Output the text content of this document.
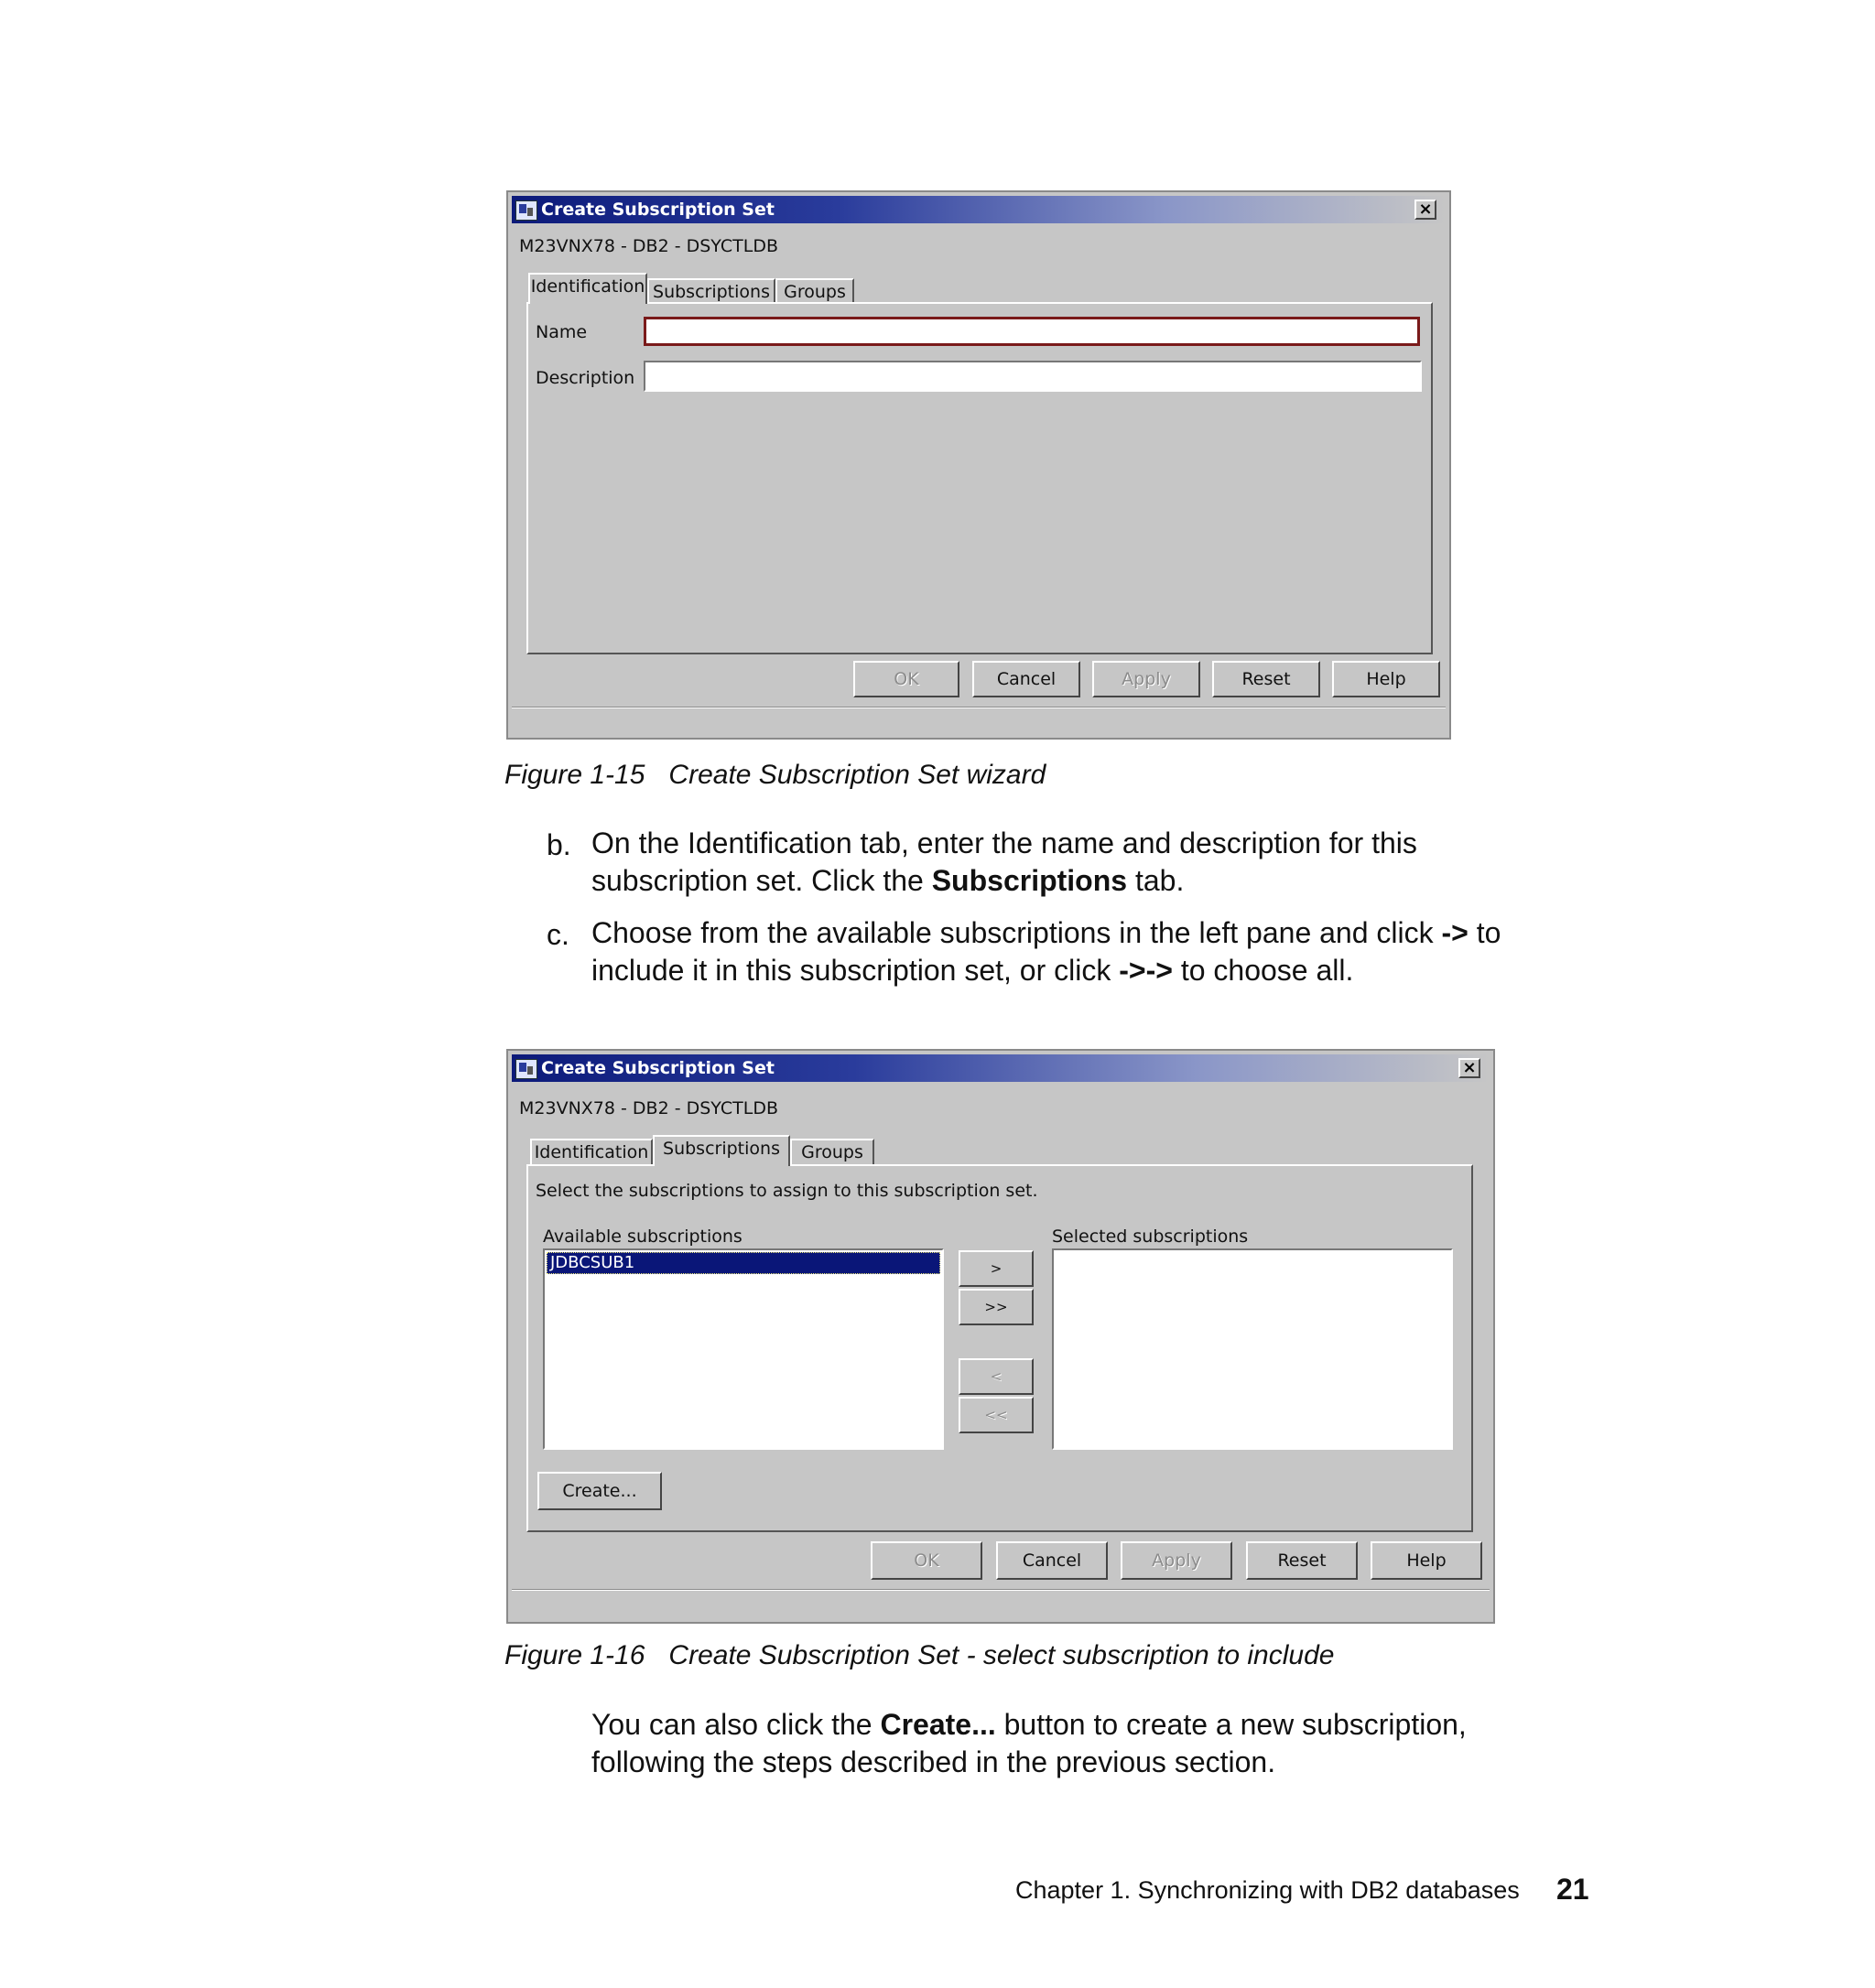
Create Subscription Set	×
M23VNX78 - DB2 - DSYCTLDB
Identification Subscriptions Groups
Name
Description
OK	Cancel	Apply	Reset	Help
Figure 1-15 Create Subscription Set wizard
b. On the Identification tab, enter the name and description for this
subscription set. Click the Subscriptions tab.
c. Choose from the available subscriptions in the left pane and click -> to
include it in this subscription set, or click ->-> to choose all.
Create Subscription Set	×
M23VNX78 - DB2 - DSYCTLDB
Identification Subscriptions	Groups
Select the subscriptions to assign to this subscription set.
Available subscriptions
JDBCSUB1	>
>>
<
<<
Selected subscriptions
Create...
OK	Cancel	Apply	Reset	Help
Figure 1-16 Create Subscription Set - select subscription to include
You can also click the Create... button to create a new subscription,
following the steps described in the previous section.
Chapter 1. Synchronizing with DB2 databases 21
